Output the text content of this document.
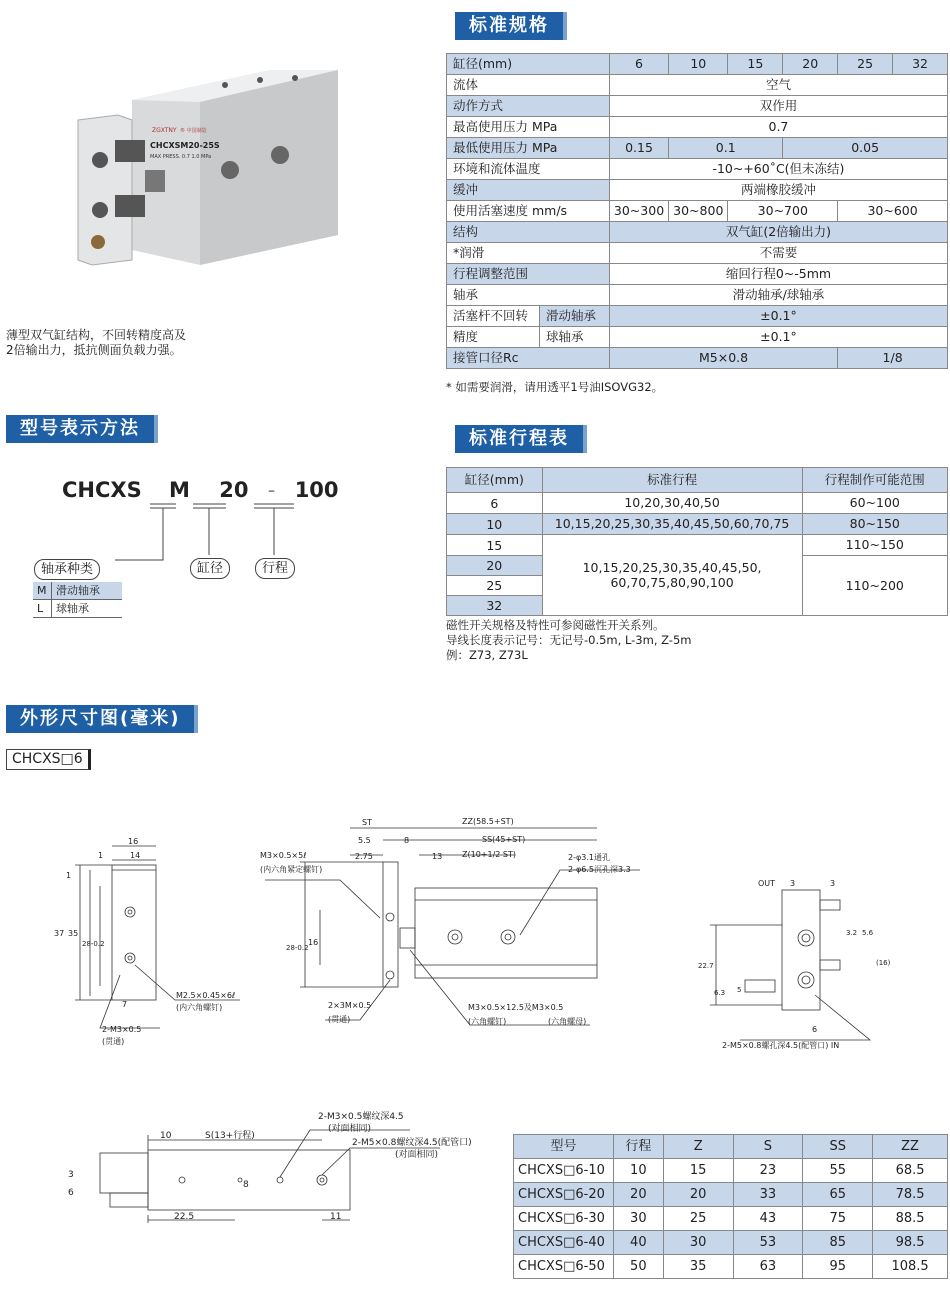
ZGXTNY ® 中国制造
CHCXSM20-25S
MAX PRESS. 0.7 1.0 MPa
薄型双气缸结构，不回转精度高及
2倍输出力，抵抗侧面负载力强。
标准规格
型号表示方法	标准行程表
外形尺寸图(毫米)
缸径(mm)		6	10	15	20	25	32
流体		空气					
动作方式		双作用					
最高使用压力 MPa		0.7					
最低使用压力 MPa		0.15	0.1		0.05		
环境和流体温度		-10~+60˚C(但未冻结)					
缓冲		两端橡胶缓冲					
使用活塞速度 mm/s		30~300	30~800	30~700		30~600	
结构		双气缸(2倍输出力)					
*润滑		不需要					
行程调整范围		缩回行程0~-5mm					
轴承		滑动轴承/球轴承					
活塞杆不回转	滑动轴承	±0.1°					
精度	球轴承	±0.1°					
接管口径Rc		M5×0.8				1/8	
* 如需要润滑，请用透平1号油ISOVG32。
CHCXS M 20 - 100
轴承种类	缸径	行程
M	滑动轴承
L	球轴承
缸径(mm)	标准行程	行程制作可能范围
6	10,20,30,40,50	60~100
10	10,15,20,25,30,35,40,45,50,60,70,75	80~150
15	10,15,20,25,30,35,40,45,50,
60,70,75,80,90,100	110~150
20		110~200
25		
32		
磁性开关规格及特性可参阅磁性开关系列。
导线长度表示记号：无记号-0.5m, L-3m, Z-5m
例：Z73, Z73L
CHCXS□6
16
14
1
1
37 35
28-0.2
7
M2.5×0.45×6ℓ
(内六角螺钉)
2-M3×0.5
(贯通)
ST	ZZ(58.5+ST)
5.5	8	SS(45+ST)
2.75	13 Z(10+1/2 ST)
M3×0.5×5ℓ
(内六角紧定螺钉)
2-φ3.1通孔
2-φ6.5沉孔深3.3
28-0.2
16
2×3M×0.5
(贯通)
M3×0.5×12.5及M3×0.5
(六角螺钉)	(六角螺母)
OUT 3	3
3.2 5.6
(16)
22.7
6.3 5
6
2-M5×0.8螺孔深4.5(配管口) IN
10	S(13+行程)
2-M3×0.5螺纹深4.5
(对面相同)
2-M5×0.8螺纹深4.5(配管口)
(对面相同)
8
6
3
22.5	11
型号	行程	Z	S	SS	ZZ
CHCXS□6-10	10	15	23	55	68.5
CHCXS□6-20	20	20	33	65	78.5
CHCXS□6-30	30	25	43	75	88.5
CHCXS□6-40	40	30	53	85	98.5
CHCXS□6-50	50	35	63	95	108.5
